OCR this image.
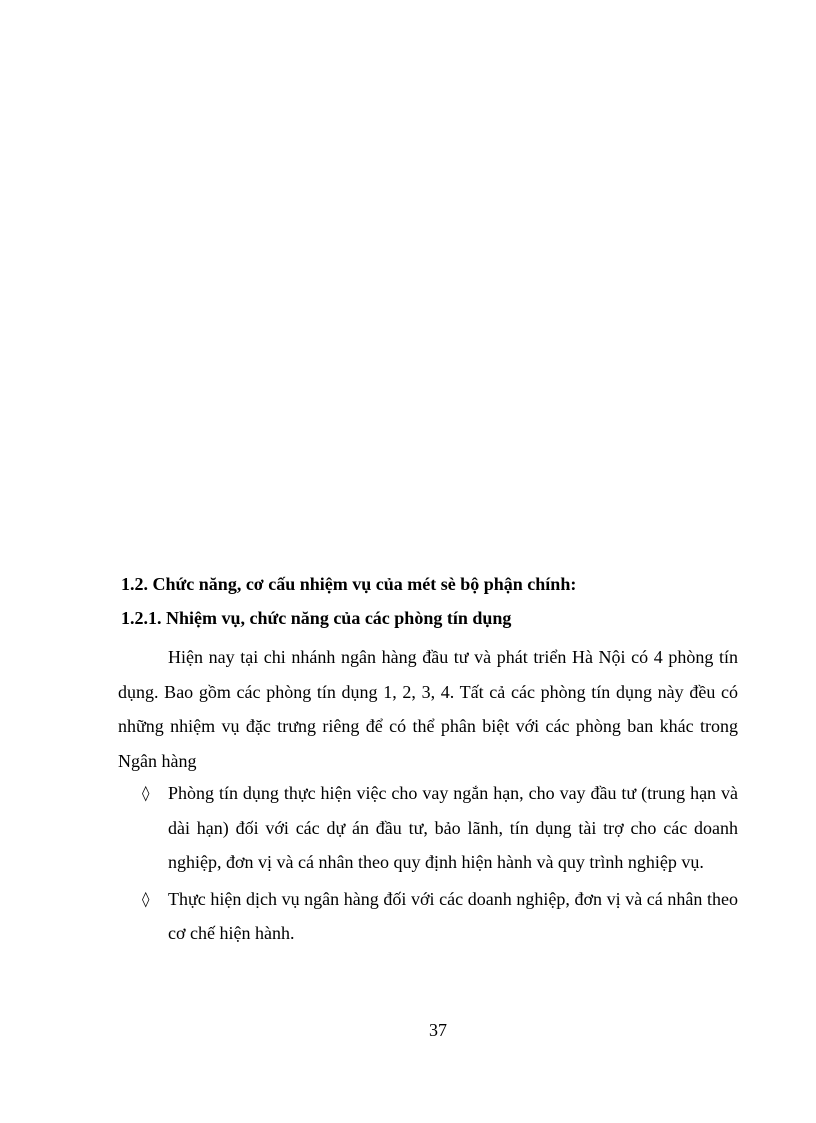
1.2. Chức năng, cơ cấu nhiệm vụ của mét sè bộ phận chính:
1.2.1. Nhiệm vụ, chức năng của các phòng tín dụng

Hiện nay tại chi nhánh ngân hàng đầu tư và phát triển Hà Nội có 4 phòng tín dụng. Bao gồm các phòng tín dụng 1, 2, 3, 4. Tất cả các phòng tín dụng này đều có những nhiệm vụ đặc trưng riêng để có thể phân biệt với các phòng ban khác trong Ngân hàng

◊ Phòng tín dụng thực hiện việc cho vay ngắn hạn, cho vay đầu tư (trung hạn và dài hạn) đối với các dự án đầu tư, bảo lãnh, tín dụng tài trợ cho các doanh nghiệp, đơn vị và cá nhân theo quy định hiện hành và quy trình nghiệp vụ.
◊ Thực hiện dịch vụ ngân hàng đối với các doanh nghiệp, đơn vị và cá nhân theo cơ chế hiện hành.
37
